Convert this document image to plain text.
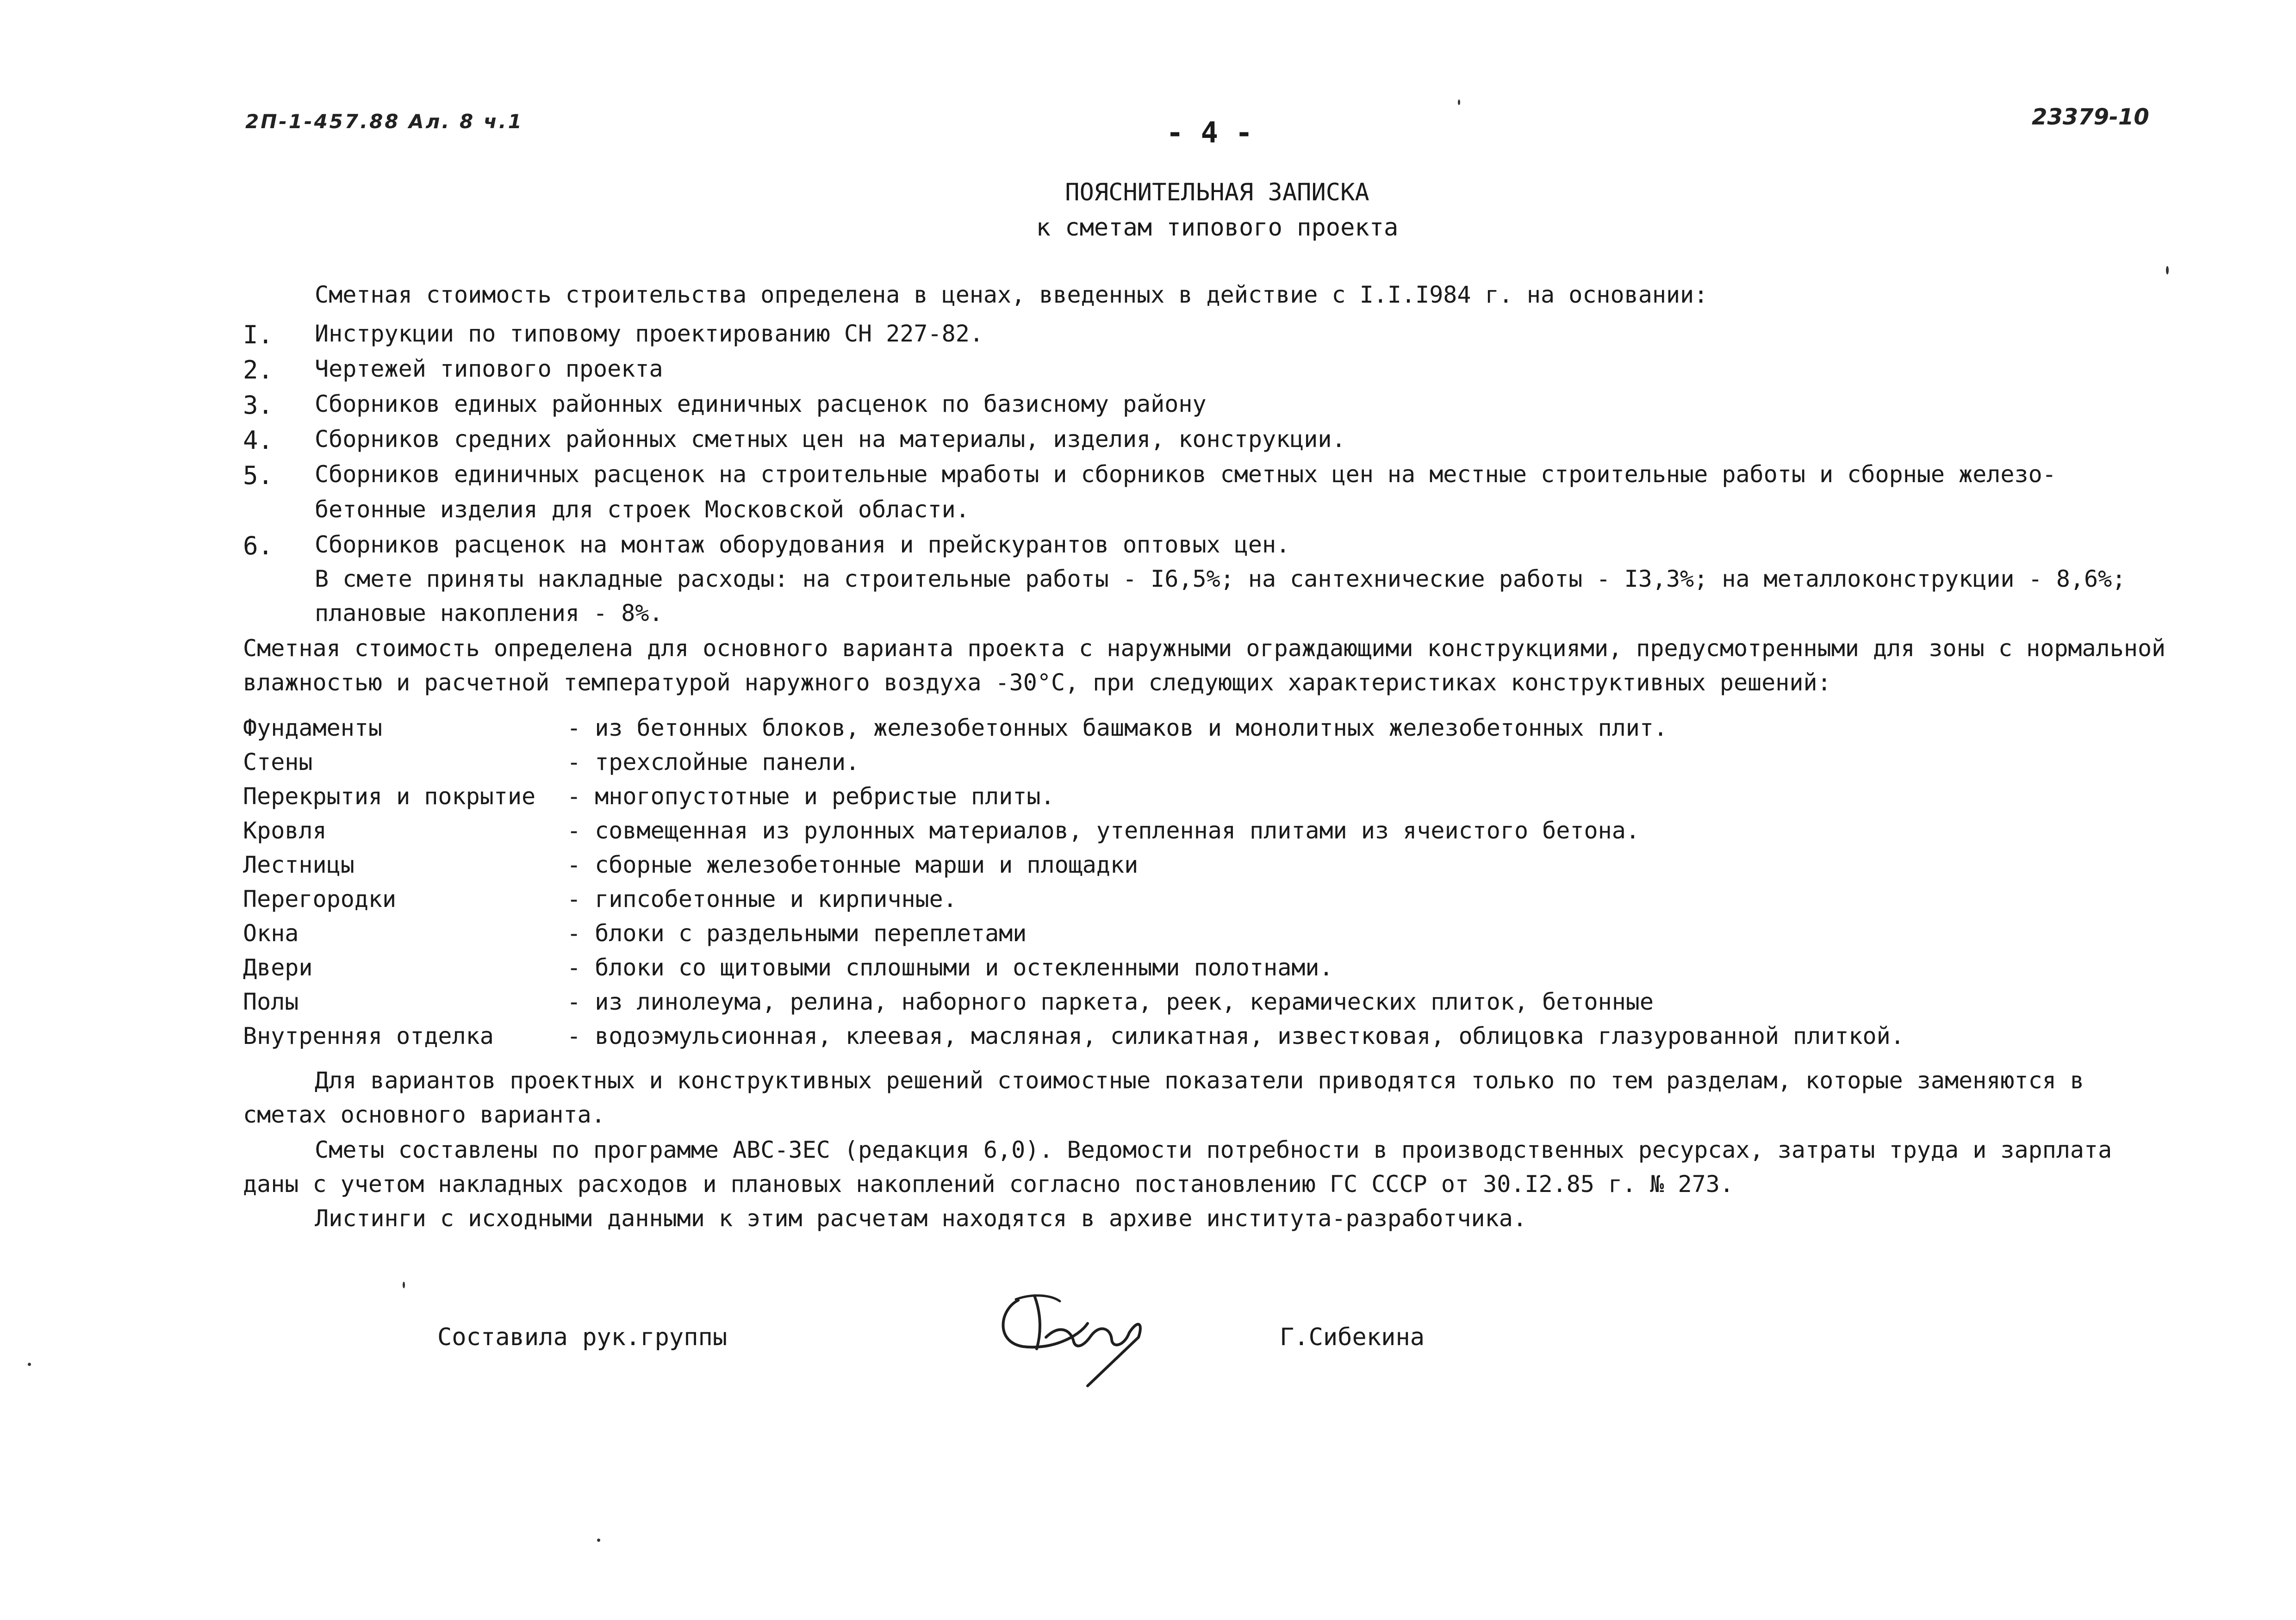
2П-1-457.88 Ал. 8 ч.1	- 4 -	23379-10
ПОЯСНИТЕЛЬНАЯ ЗАПИСКА
к сметам типового проекта
Сметная стоимость строительства определена в ценах, введенных в действие с I.I.I984 г. на основании:
I. Инструкции по типовому проектированию СН 227-82.
2. Чертежей типового проекта
3. Сборников единых районных единичных расценок по базисному району
4. Сборников средних районных сметных цен на материалы, изделия, конструкции.
5. Сборников единичных расценок на строительные мработы и сборников сметных цен на местные строительные работы и сборные железо-
бетонные изделия для строек Московской области.
6. Сборников расценок на монтаж оборудования и прейскурантов оптовых цен.
В смете приняты накладные расходы: на строительные работы - I6,5%; на сантехнические работы - I3,3%; на металлоконструкции - 8,6%;
плановые накопления - 8%.
Сметная стоимость определена для основного варианта проекта с наружными ограждающими конструкциями, предусмотренными для зоны с нормальной
влажностью и расчетной температурой наружного воздуха -30°С, при следующих характеристиках конструктивных решений:
Фундаменты	- из бетонных блоков, железобетонных башмаков и монолитных железобетонных плит.
Стены	- трехслойные панели.
Перекрытия и покрытие - многопустотные и ребристые плиты.
Кровля	- совмещенная из рулонных материалов, утепленная плитами из ячеистого бетона.
Лестницы	- сборные железобетонные марши и площадки
Перегородки	- гипсобетонные и кирпичные.
Окна	- блоки с раздельными переплетами
Двери	- блоки со щитовыми сплошными и остекленными полотнами.
Полы	- из линолеума, релина, наборного паркета, реек, керамических плиток, бетонные
Внутренняя отделка	- водоэмульсионная, клеевая, масляная, силикатная, известковая, облицовка глазурованной плиткой.
Для вариантов проектных и конструктивных решений стоимостные показатели приводятся только по тем разделам, которые заменяются в
сметах основного варианта.
Сметы составлены по программе АВС-ЗЕС (редакция 6,0). Ведомости потребности в производственных ресурсах, затраты труда и зарплата
даны с учетом накладных расходов и плановых накоплений согласно постановлению ГС СССР от 30.I2.85 г. № 273.
Листинги с исходными данными к этим расчетам находятся в архиве института-разработчика.
Составила рук.группы	Г.Сибекина
